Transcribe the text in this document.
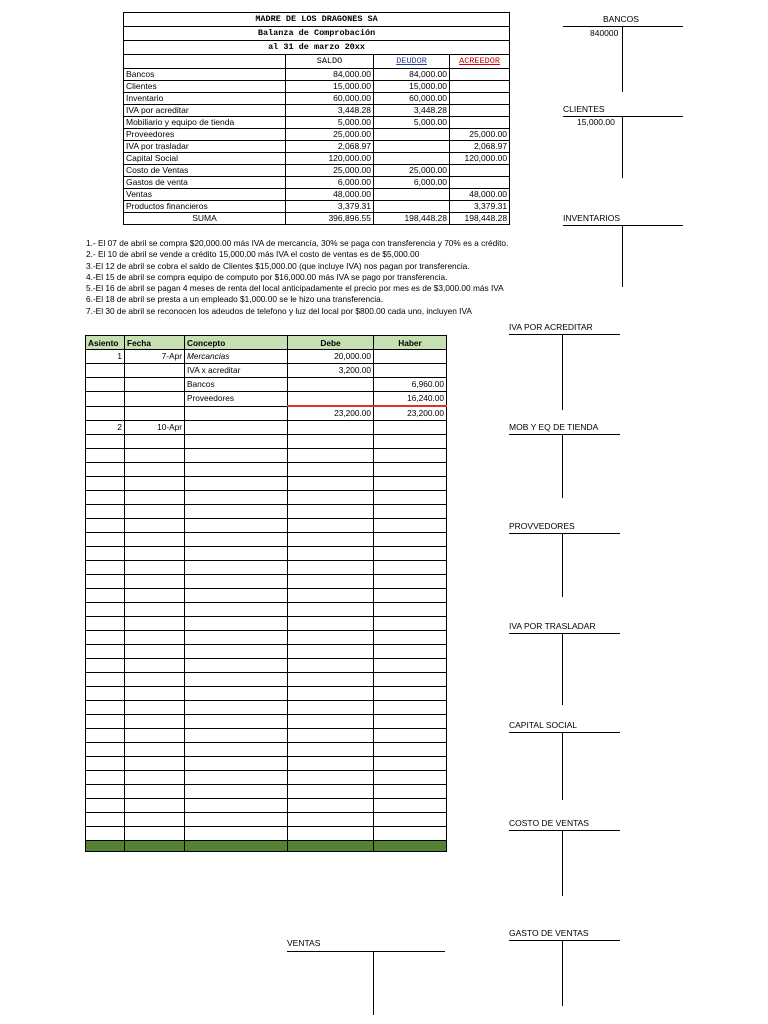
MADRE DE LOS DRAGONES SA			
Balanza de Comprobación			
al 31 de marzo 20xx			
	SALDO	DEUDOR	ACREEDOR
Bancos	84,000.00	84,000.00	
Clientes	15,000.00	15,000.00	
Inventario	60,000.00	60,000.00	
IVA por acreditar	3,448.28	3,448.28	
Mobiliario y equipo de tienda	5,000.00	5,000.00	
Proveedores	25,000.00		25,000.00
IVA por trasladar	2,068.97		2,068.97
Capital Social	120,000.00		120,000.00
Costo de Ventas	25,000.00	25,000.00	
Gastos de venta	6,000.00	6,000.00	
Ventas	48,000.00		48,000.00
Productos financieros	3,379.31		3,379.31
SUMA	396,896.55	198,448.28	198,448.28
1.- El 07 de abril se compra $20,000.00 más IVA de mercancía, 30% se paga con transferencia y 70% es a crédito.
2.- El 10 de abril se vende a crédito 15,000.00 más IVA el costo de ventas es de $5,000.00
3.-El 12 de abril se cobra el saldo de Clientes $15,000.00 (que incluye IVA) nos pagan por transferencia.
4.-El 15 de abril se compra equipo de computo por $16,000.00 más IVA se pago por transferencia.
5.-El 16 de abril se pagan 4 meses de renta del local anticipadamente el precio por mes es de $3,000.00 más IVA
6.-El 18 de abril se presta a un empleado $1,000.00 se le hizo una transferencia.
7.-El 30 de abril se reconocen los adeudos de telefono y luz del local por $800.00 cada uno, incluyen IVA
Asiento	Fecha	Concepto	Debe	Haber
1	7-Apr	Mercancias	20,000.00	
		IVA x acreditar	3,200.00	
		Bancos		6,960.00
		Proveedores		16,240.00
			23,200.00	23,200.00
2	10-Apr			

BANCOS
840000
CLIENTES
15,000.00
INVENTARIOS
IVA POR ACREDITAR
MOB Y EQ DE TIENDA
PROVVEDORES
IVA POR TRASLADAR
CAPITAL SOCIAL
COSTO DE VENTAS
GASTO DE VENTAS
VENTAS
